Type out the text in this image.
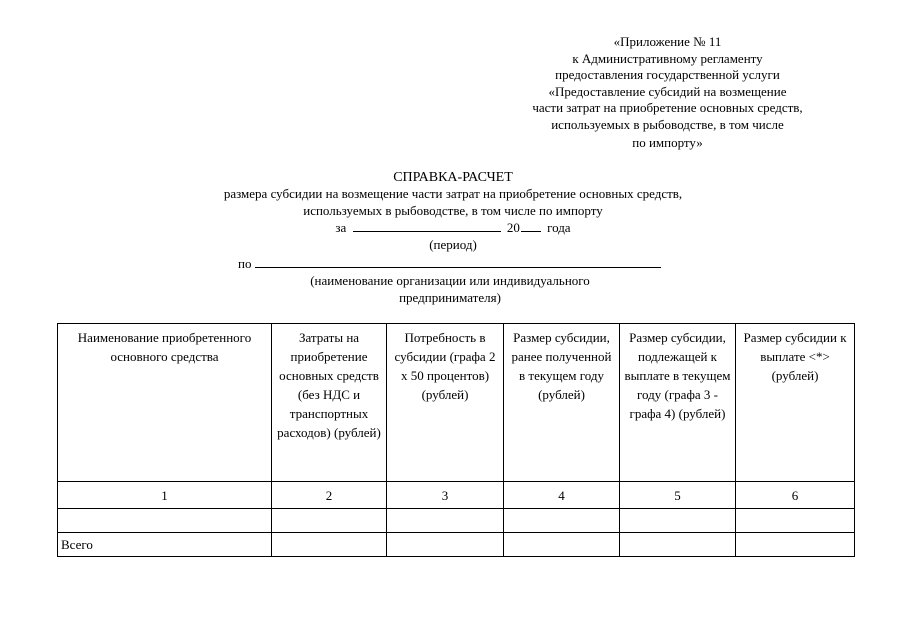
«Приложение № 11
к Административному регламенту
предоставления государственной услуги
«Предоставление субсидий на возмещение
части затрат на приобретение основных средств,
используемых в рыбоводстве, в том числе
по импорту»
СПРАВКА-РАСЧЕТ
размера субсидии на возмещение части затрат на приобретение основных средств,
используемых в рыбоводстве, в том числе по импорту
за	20 года
(период)
по
(наименование организации или индивидуального
предпринимателя)
Наименование приобретенного основного средства	Затраты на приобретение основных средств (без НДС и транспортных расходов) (рублей)	Потребность в субсидии (графа 2 x 50 процентов) (рублей)	Размер субсидии, ранее полученной в текущем году (рублей)	Размер субсидии, подлежащей к выплате в текущем году (графа 3 - графа 4) (рублей)	Размер субсидии к выплате <*> (рублей)
1	2	3	4	5	6

Всего					
